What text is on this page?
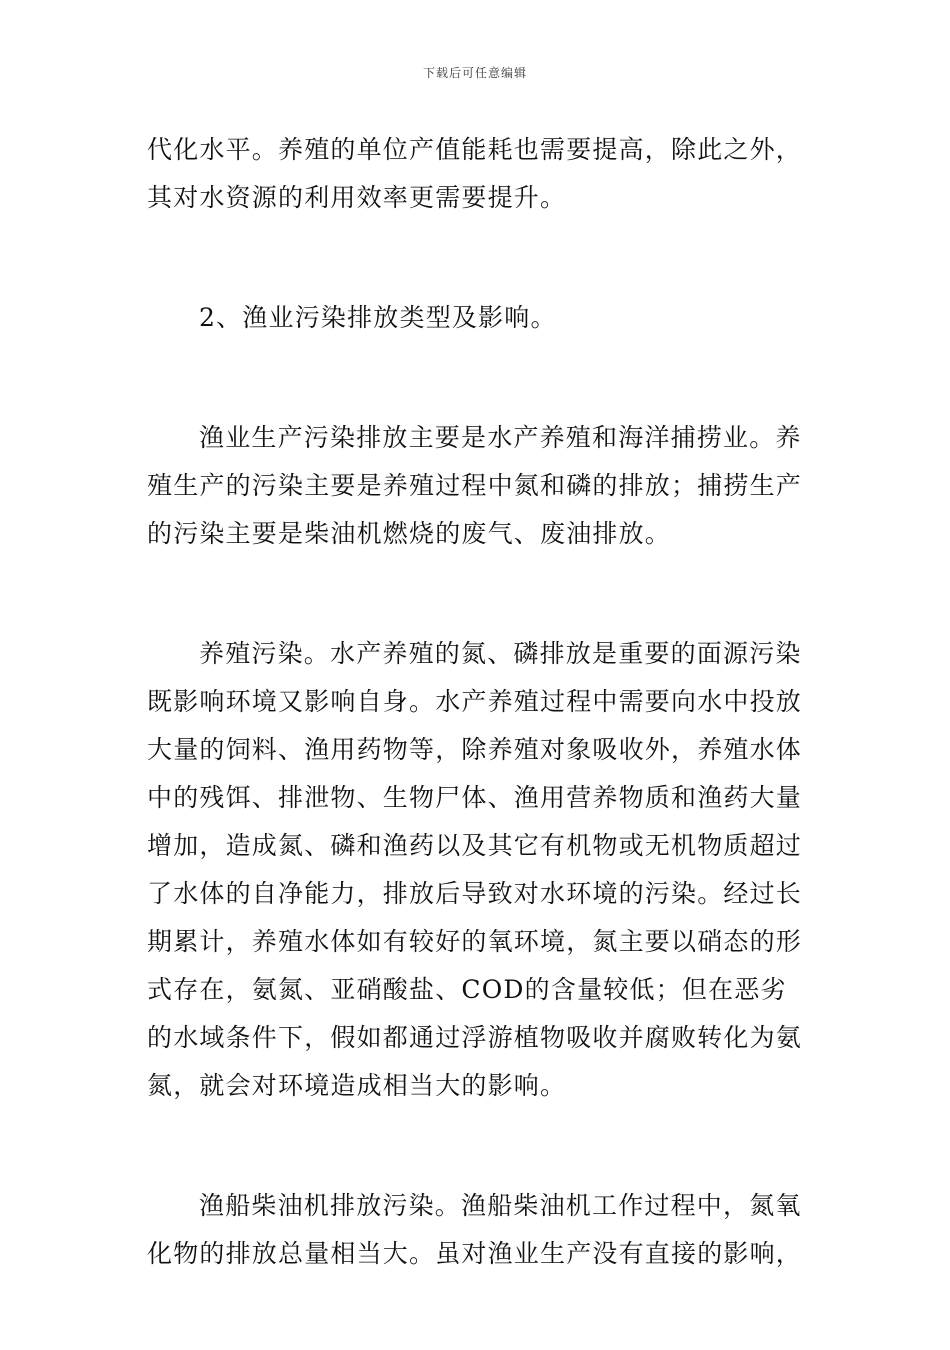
下载后可任意编辑

代化水平。养殖的单位产值能耗也需要提高，除此之外，其对水资源的利用效率更需要提升。

2、渔业污染排放类型及影响。

渔业生产污染排放主要是水产养殖和海洋捕捞业。养殖生产的污染主要是养殖过程中氮和磷的排放；捕捞生产的污染主要是柴油机燃烧的废气、废油排放。

养殖污染。水产养殖的氮、磷排放是重要的面源污染既影响环境又影响自身。水产养殖过程中需要向水中投放大量的饲料、渔用药物等，除养殖对象吸收外，养殖水体中的残饵、排泄物、生物尸体、渔用营养物质和渔药大量增加，造成氮、磷和渔药以及其它有机物或无机物质超过了水体的自净能力，排放后导致对水环境的污染。经过长期累计，养殖水体如有较好的氧环境，氮主要以硝态的形式存在，氨氮、亚硝酸盐、COD的含量较低；但在恶劣的水域条件下，假如都通过浮游植物吸收并腐败转化为氨氮，就会对环境造成相当大的影响。

渔船柴油机排放污染。渔船柴油机工作过程中，氮氧化物的排放总量相当大。虽对渔业生产没有直接的影响，
